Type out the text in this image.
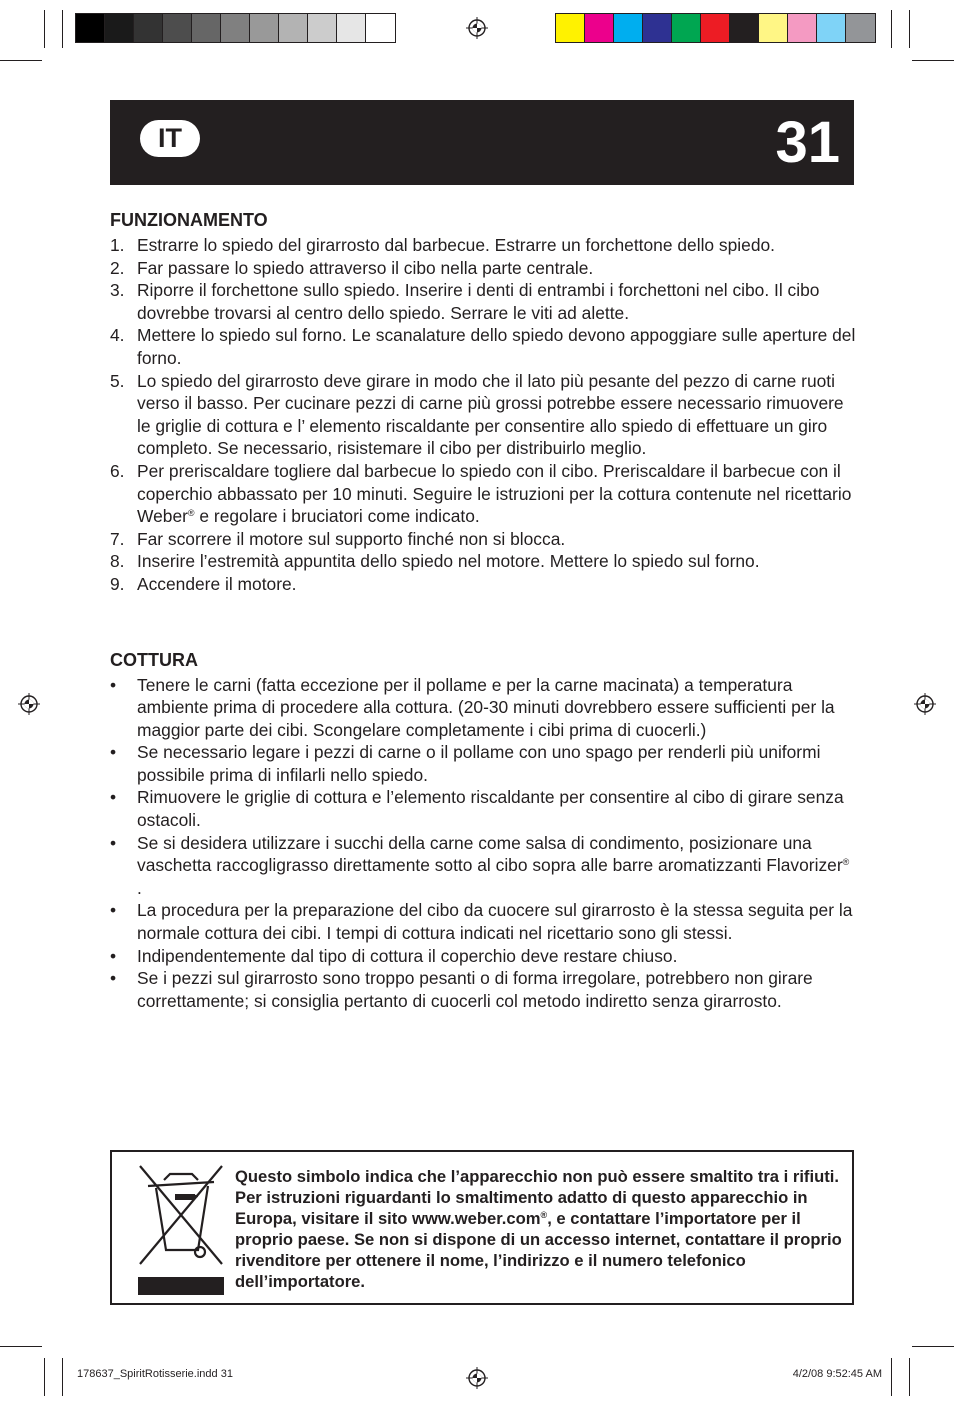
IT	31
FUNZIONAMENTO
1. Estrarre lo spiedo del girarrosto dal barbecue. Estrarre un forchettone dello spiedo.
2. Far passare lo spiedo attraverso il cibo nella parte centrale.
3. Riporre il forchettone sullo spiedo. Inserire i denti di entrambi i forchettoni nel cibo. Il cibo dovrebbe trovarsi al centro dello spiedo. Serrare le viti ad alette.
4. Mettere lo spiedo sul forno. Le scanalature dello spiedo devono appoggiare sulle aperture del forno.
5. Lo spiedo del girarrosto deve girare in modo che il lato più pesante del pezzo di carne ruoti verso il basso. Per cucinare pezzi di carne più grossi potrebbe essere necessario rimuovere le griglie di cottura e l’ elemento riscaldante per consentire allo spiedo di effettuare un giro completo. Se necessario, risistemare il cibo per distribuirlo meglio.
6. Per preriscaldare togliere dal barbecue lo spiedo con il cibo. Preriscaldare il barbecue con il coperchio abbassato per 10 minuti. Seguire le istruzioni per la cottura contenute nel ricettario Weber® e regolare i bruciatori come indicato.
7. Far scorrere il motore sul supporto finché non si blocca.
8. Inserire l’estremità appuntita dello spiedo nel motore. Mettere lo spiedo sul forno.
9. Accendere il motore.
COTTURA
• Tenere le carni (fatta eccezione per il pollame e per la carne macinata) a temperatura ambiente prima di procedere alla cottura. (20-30 minuti dovrebbero essere sufficienti per la maggior parte dei cibi. Scongelare completamente i cibi prima di cuocerli.)
• Se necessario legare i pezzi di carne o il pollame con uno spago per renderli più uniformi possibile prima di infilarli nello spiedo.
• Rimuovere le griglie di cottura e l’elemento riscaldante per consentire al cibo di girare senza ostacoli.
• Se si desidera utilizzare i succhi della carne come salsa di condimento, posizionare una vaschetta raccogligrasso direttamente sotto al cibo sopra alle barre aromatizzanti Flavorizer® .
• La procedura per la preparazione del cibo da cuocere sul girarrosto è la stessa seguita per la normale cottura dei cibi. I tempi di cottura indicati nel ricettario sono gli stessi.
• Indipendentemente dal tipo di cottura il coperchio deve restare chiuso.
• Se i pezzi sul girarrosto sono troppo pesanti o di forma irregolare, potrebbero non girare correttamente; si consiglia pertanto di cuocerli col metodo indiretto senza girarrosto.
Questo simbolo indica che l’apparecchio non può essere smaltito tra i rifiuti. Per istruzioni riguardanti lo smaltimento adatto di questo apparecchio in Europa, visitare il sito www.weber.com®, e contattare l’importatore per il proprio paese. Se non si dispone di un accesso internet, contattare il proprio rivenditore per ottenere il nome, l’indirizzo e il numero telefonico dell’importatore.
178637_SpiritRotisserie.indd 31	4/2/08 9:52:45 AM
